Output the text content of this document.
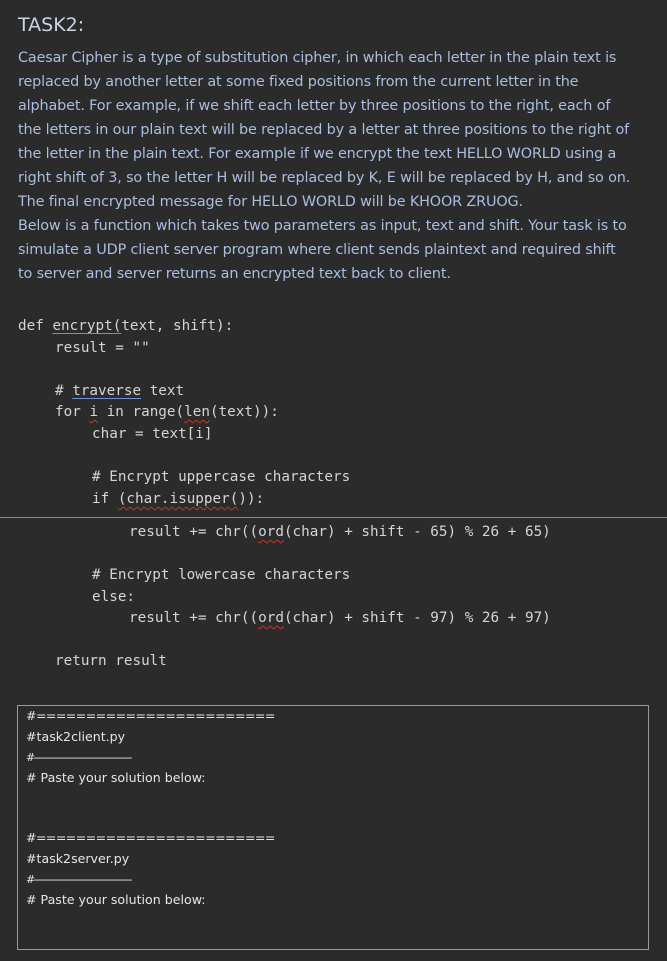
TASK2:
Caesar Cipher is a type of substitution cipher, in which each letter in the plain text is
replaced by another letter at some fixed positions from the current letter in the
alphabet. For example, if we shift each letter by three positions to the right, each of
the letters in our plain text will be replaced by a letter at three positions to the right of
the letter in the plain text. For example if we encrypt the text HELLO WORLD using a
right shift of 3, so the letter H will be replaced by K, E will be replaced by H, and so on.
The final encrypted message for HELLO WORLD will be KHOOR ZRUOG.
Below is a function which takes two parameters as input, text and shift. Your task is to
simulate a UDP client server program where client sends plaintext and required shift
to server and server returns an encrypted text back to client.

def encrypt(text, shift):

result = ""

# traverse text

for i in range(len(text)):

char = text[i]

# Encrypt uppercase characters

if (char.isupper()):

result += chr((ord(char) + shift - 65) % 26 + 65)

# Encrypt lowercase characters

else:

result += chr((ord(char) + shift - 97) % 26 + 97)

return result

#========================
#task2client.py
#-----------------------------------------
# Paste your solution below:
#========================
#task2server.py
#-----------------------------------------
# Paste your solution below:
